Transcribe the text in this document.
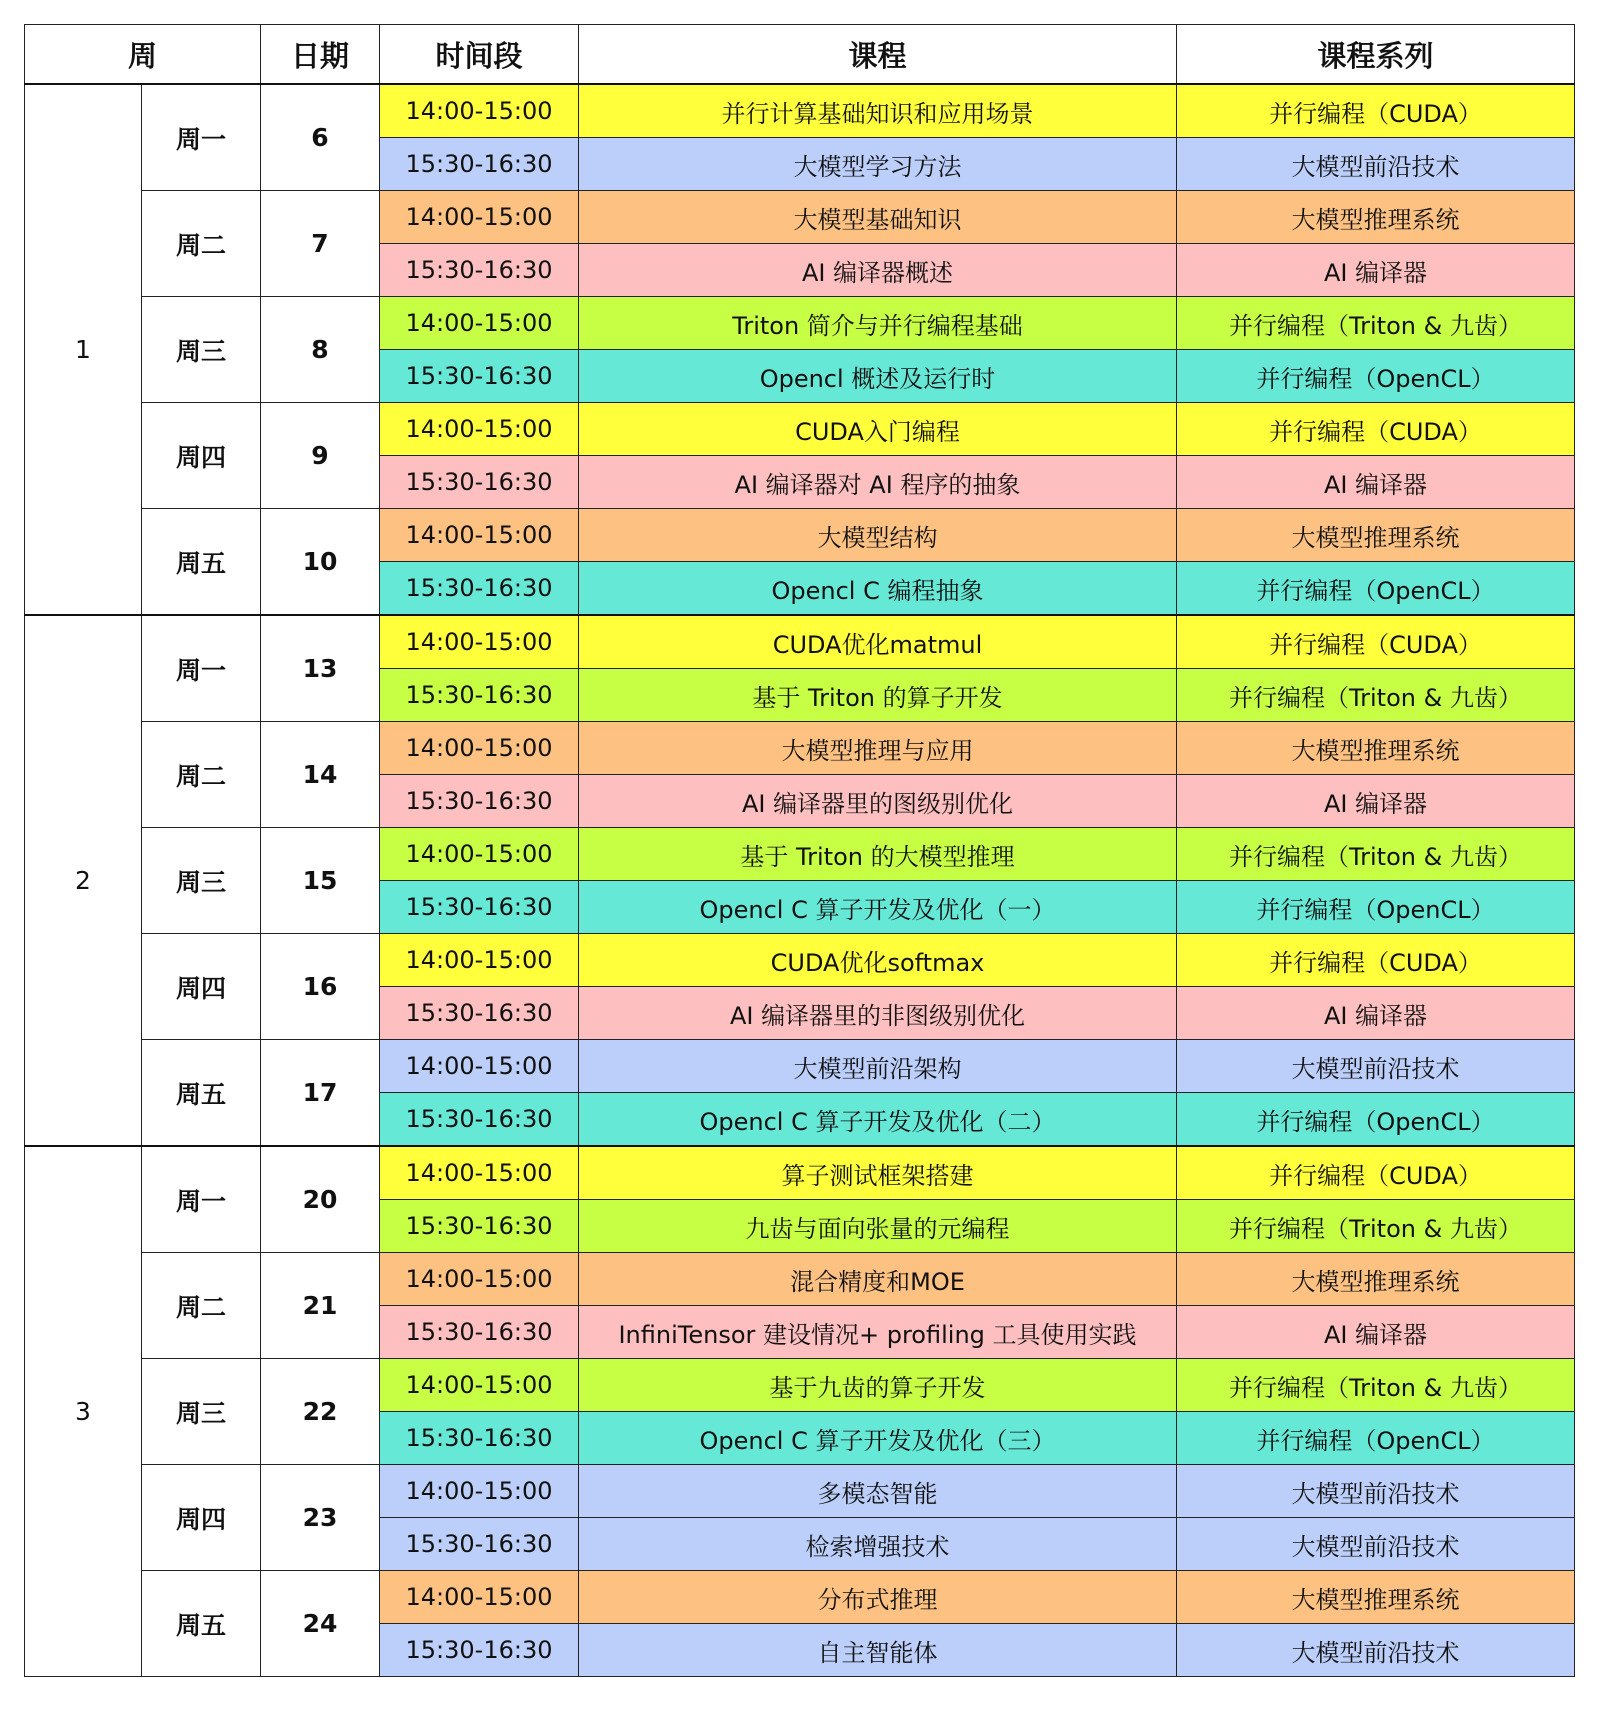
周		日期	时间段	课程	课程系列
1	周一	6	14:00-15:00	并行计算基础知识和应用场景	并行编程（CUDA）
			15:30-16:30	大模型学习方法	大模型前沿技术
	周二	7	14:00-15:00	大模型基础知识	大模型推理系统
			15:30-16:30	AI 编译器概述	AI 编译器
	周三	8	14:00-15:00	Triton 简介与并行编程基础	并行编程（Triton & 九齿）
			15:30-16:30	Opencl 概述及运行时	并行编程（OpenCL）
	周四	9	14:00-15:00	CUDA入门编程	并行编程（CUDA）
			15:30-16:30	AI 编译器对 AI 程序的抽象	AI 编译器
	周五	10	14:00-15:00	大模型结构	大模型推理系统
			15:30-16:30	Opencl C 编程抽象	并行编程（OpenCL）
2	周一	13	14:00-15:00	CUDA优化matmul	并行编程（CUDA）
			15:30-16:30	基于 Triton 的算子开发	并行编程（Triton & 九齿）
	周二	14	14:00-15:00	大模型推理与应用	大模型推理系统
			15:30-16:30	AI 编译器里的图级别优化	AI 编译器
	周三	15	14:00-15:00	基于 Triton 的大模型推理	并行编程（Triton & 九齿）
			15:30-16:30	Opencl C 算子开发及优化（一）	并行编程（OpenCL）
	周四	16	14:00-15:00	CUDA优化softmax	并行编程（CUDA）
			15:30-16:30	AI 编译器里的非图级别优化	AI 编译器
	周五	17	14:00-15:00	大模型前沿架构	大模型前沿技术
			15:30-16:30	Opencl C 算子开发及优化（二）	并行编程（OpenCL）
3	周一	20	14:00-15:00	算子测试框架搭建	并行编程（CUDA）
			15:30-16:30	九齿与面向张量的元编程	并行编程（Triton & 九齿）
	周二	21	14:00-15:00	混合精度和MOE	大模型推理系统
			15:30-16:30	InfiniTensor 建设情况+ profiling 工具使用实践	AI 编译器
	周三	22	14:00-15:00	基于九齿的算子开发	并行编程（Triton & 九齿）
			15:30-16:30	Opencl C 算子开发及优化（三）	并行编程（OpenCL）
	周四	23	14:00-15:00	多模态智能	大模型前沿技术
			15:30-16:30	检索增强技术	大模型前沿技术
	周五	24	14:00-15:00	分布式推理	大模型推理系统
			15:30-16:30	自主智能体	大模型前沿技术
